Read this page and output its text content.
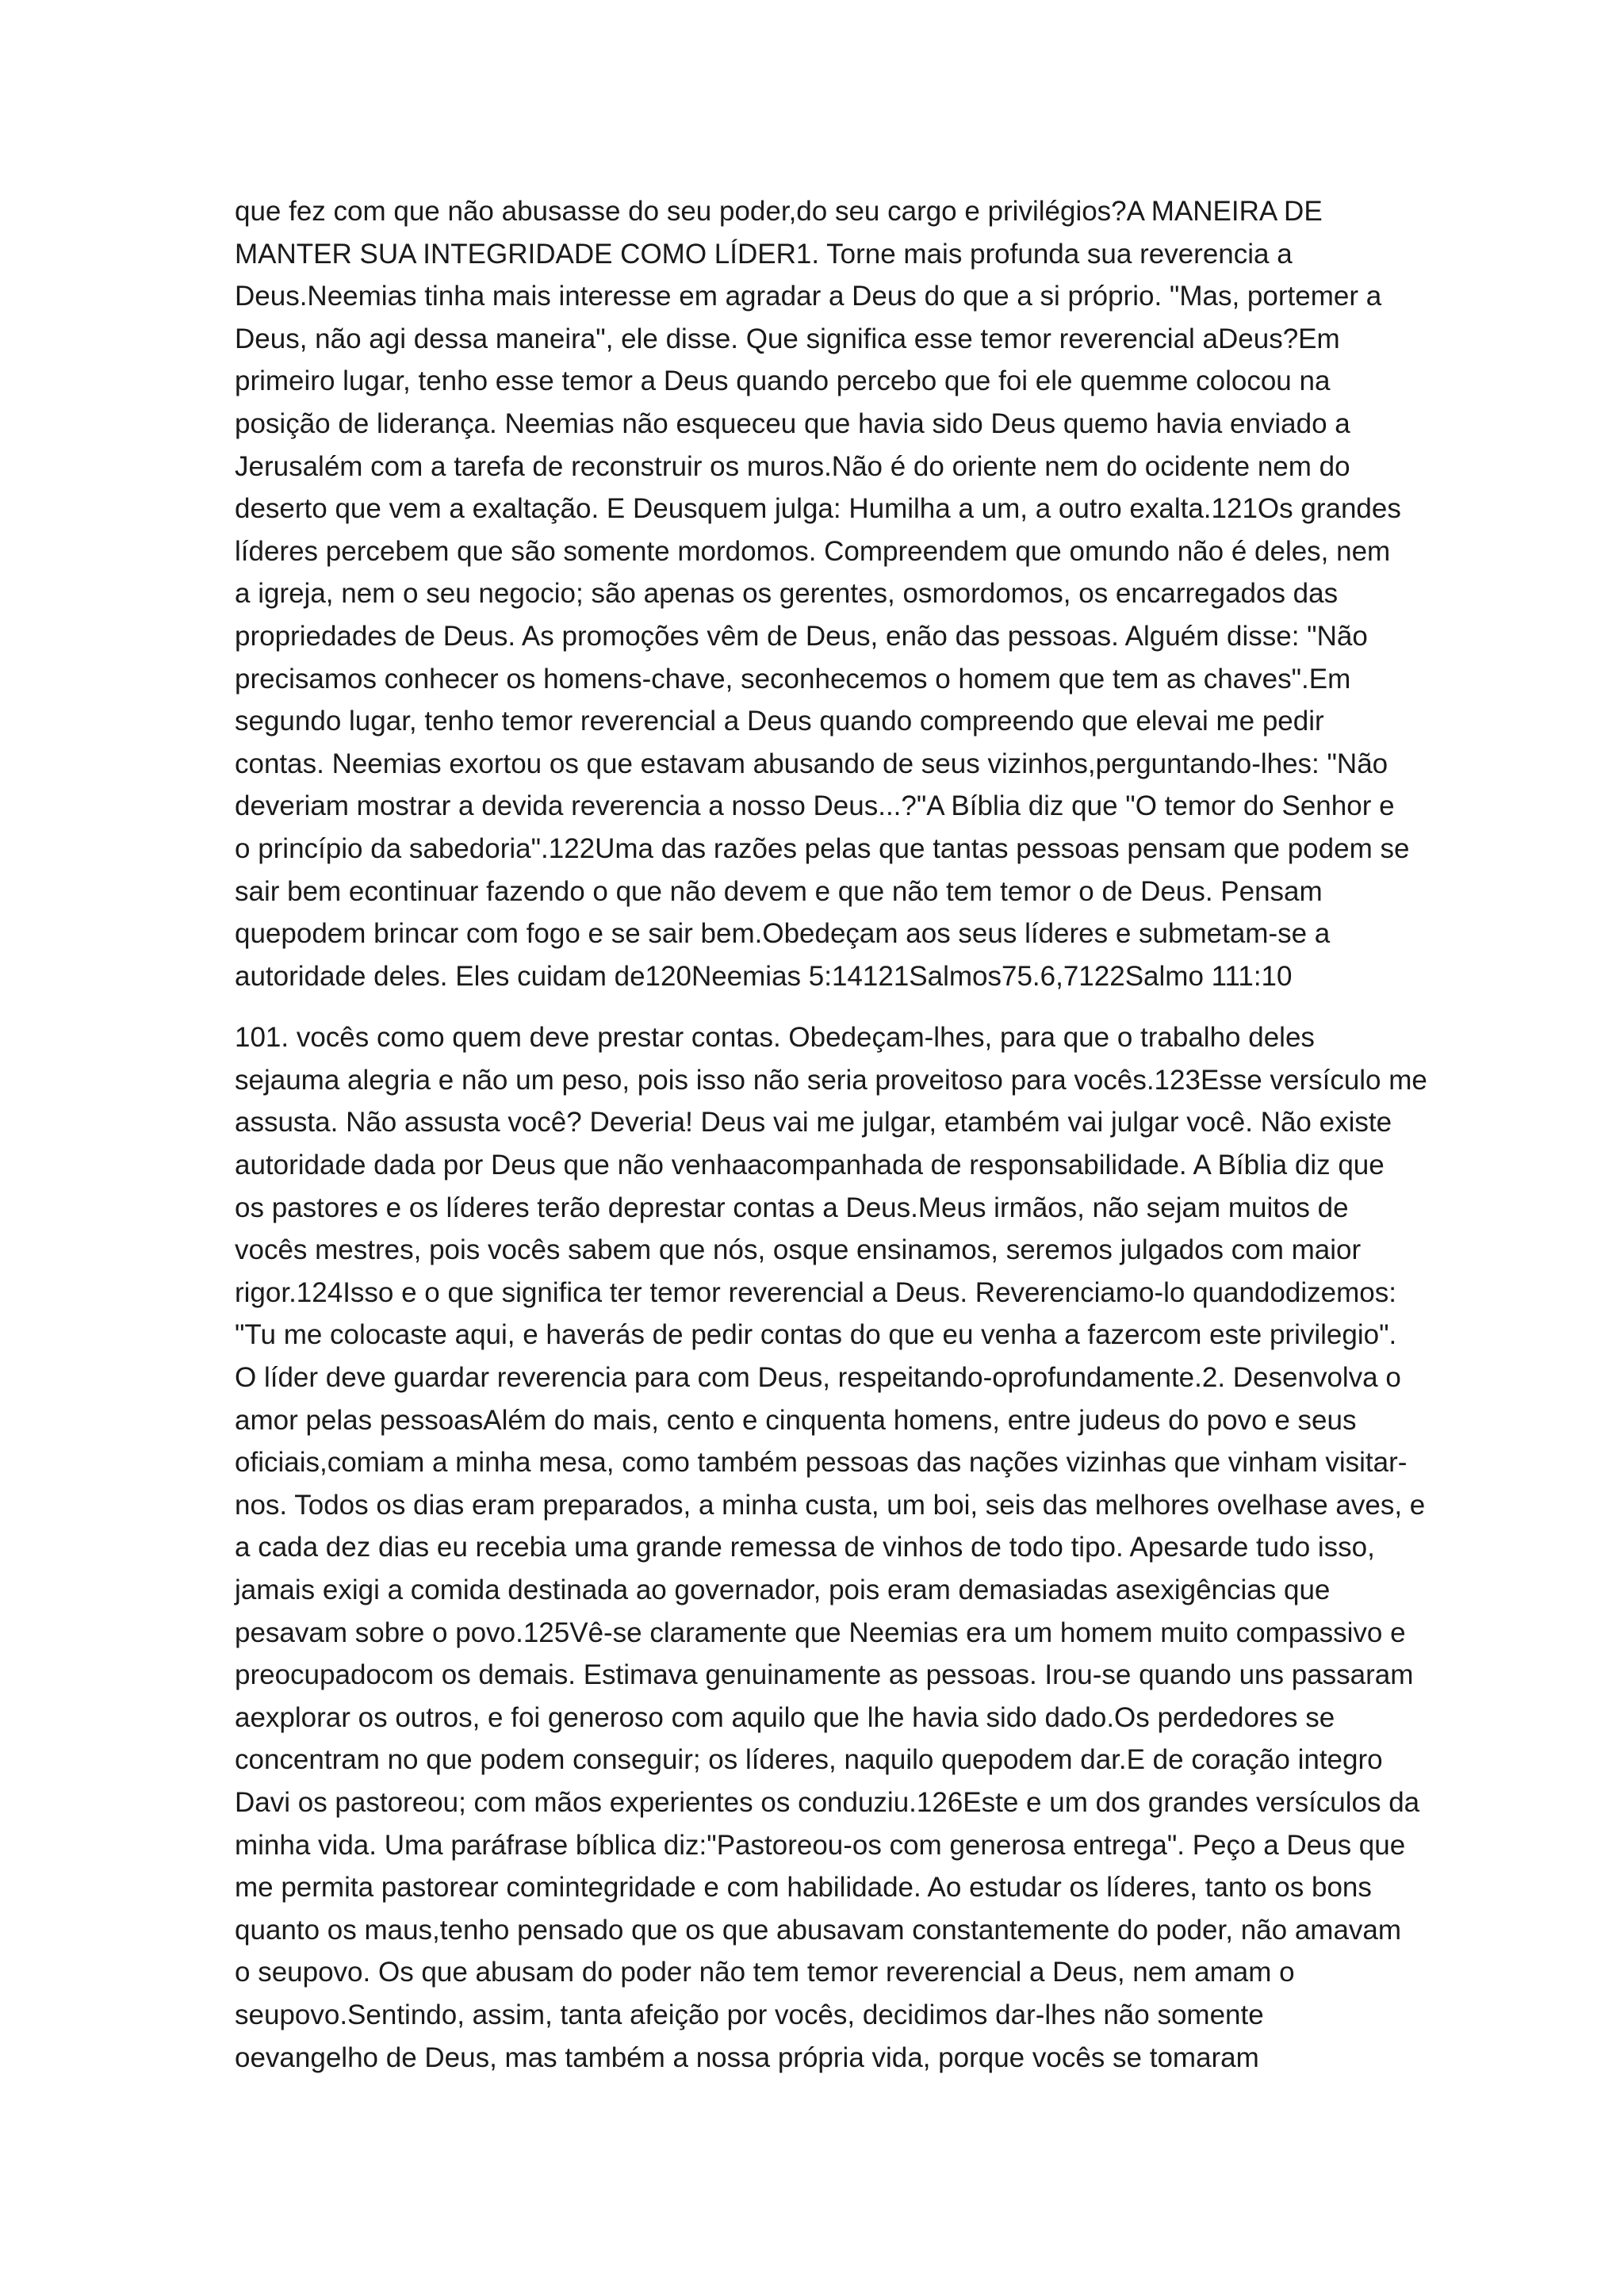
que fez com que não abusasse do seu poder,do seu cargo e privilégios?A MANEIRA DE
MANTER SUA INTEGRIDADE COMO LÍDER1. Torne mais profunda sua reverencia a
Deus.Neemias tinha mais interesse em agradar a Deus do que a si próprio. "Mas, portemer a
Deus, não agi dessa maneira", ele disse. Que significa esse temor reverencial aDeus?Em
primeiro lugar, tenho esse temor a Deus quando percebo que foi ele quemme colocou na
posição de liderança. Neemias não esqueceu que havia sido Deus quemo havia enviado a
Jerusalém com a tarefa de reconstruir os muros.Não é do oriente nem do ocidente nem do
deserto que vem a exaltação. E Deusquem julga: Humilha a um, a outro exalta.121Os grandes
líderes percebem que são somente mordomos. Compreendem que omundo não é deles, nem
a igreja, nem o seu negocio; são apenas os gerentes, osmordomos, os encarregados das
propriedades de Deus. As promoções vêm de Deus, enão das pessoas. Alguém disse: "Não
precisamos conhecer os homens-chave, seconhecemos o homem que tem as chaves".Em
segundo lugar, tenho temor reverencial a Deus quando compreendo que elevai me pedir
contas. Neemias exortou os que estavam abusando de seus vizinhos,perguntando-lhes: "Não
deveriam mostrar a devida reverencia a nosso Deus...?"A Bíblia diz que "O temor do Senhor e
o princípio da sabedoria".122Uma das razões pelas que tantas pessoas pensam que podem se
sair bem econtinuar fazendo o que não devem e que não tem temor o de Deus. Pensam
quepodem brincar com fogo e se sair bem.Obedeçam aos seus líderes e submetam-se a
autoridade deles. Eles cuidam de120Neemias 5:14121Salmos75.6,7122Salmo 111:10

101. vocês como quem deve prestar contas. Obedeçam-lhes, para que o trabalho deles
sejauma alegria e não um peso, pois isso não seria proveitoso para vocês.123Esse versículo me
assusta. Não assusta você? Deveria! Deus vai me julgar, etambém vai julgar você. Não existe
autoridade dada por Deus que não venhaacompanhada de responsabilidade. A Bíblia diz que
os pastores e os líderes terão deprestar contas a Deus.Meus irmãos, não sejam muitos de
vocês mestres, pois vocês sabem que nós, osque ensinamos, seremos julgados com maior
rigor.124Isso e o que significa ter temor reverencial a Deus. Reverenciamo-lo quandodizemos:
"Tu me colocaste aqui, e haverás de pedir contas do que eu venha a fazercom este privilegio".
O líder deve guardar reverencia para com Deus, respeitando-oprofundamente.2. Desenvolva o
amor pelas pessoasAlém do mais, cento e cinquenta homens, entre judeus do povo e seus
oficiais,comiam a minha mesa, como também pessoas das nações vizinhas que vinham visitar-
nos. Todos os dias eram preparados, a minha custa, um boi, seis das melhores ovelhase aves, e
a cada dez dias eu recebia uma grande remessa de vinhos de todo tipo. Apesarde tudo isso,
jamais exigi a comida destinada ao governador, pois eram demasiadas asexigências que
pesavam sobre o povo.125Vê-se claramente que Neemias era um homem muito compassivo e
preocupadocom os demais. Estimava genuinamente as pessoas. Irou-se quando uns passaram
aexplorar os outros, e foi generoso com aquilo que lhe havia sido dado.Os perdedores se
concentram no que podem conseguir; os líderes, naquilo quepodem dar.E de coração integro
Davi os pastoreou; com mãos experientes os conduziu.126Este e um dos grandes versículos da
minha vida. Uma paráfrase bíblica diz:"Pastoreou-os com generosa entrega". Peço a Deus que
me permita pastorear comintegridade e com habilidade. Ao estudar os líderes, tanto os bons
quanto os maus,tenho pensado que os que abusavam constantemente do poder, não amavam
o seupovo. Os que abusam do poder não tem temor reverencial a Deus, nem amam o
seupovo.Sentindo, assim, tanta afeição por vocês, decidimos dar-lhes não somente
oevangelho de Deus, mas também a nossa própria vida, porque vocês se tomaram
